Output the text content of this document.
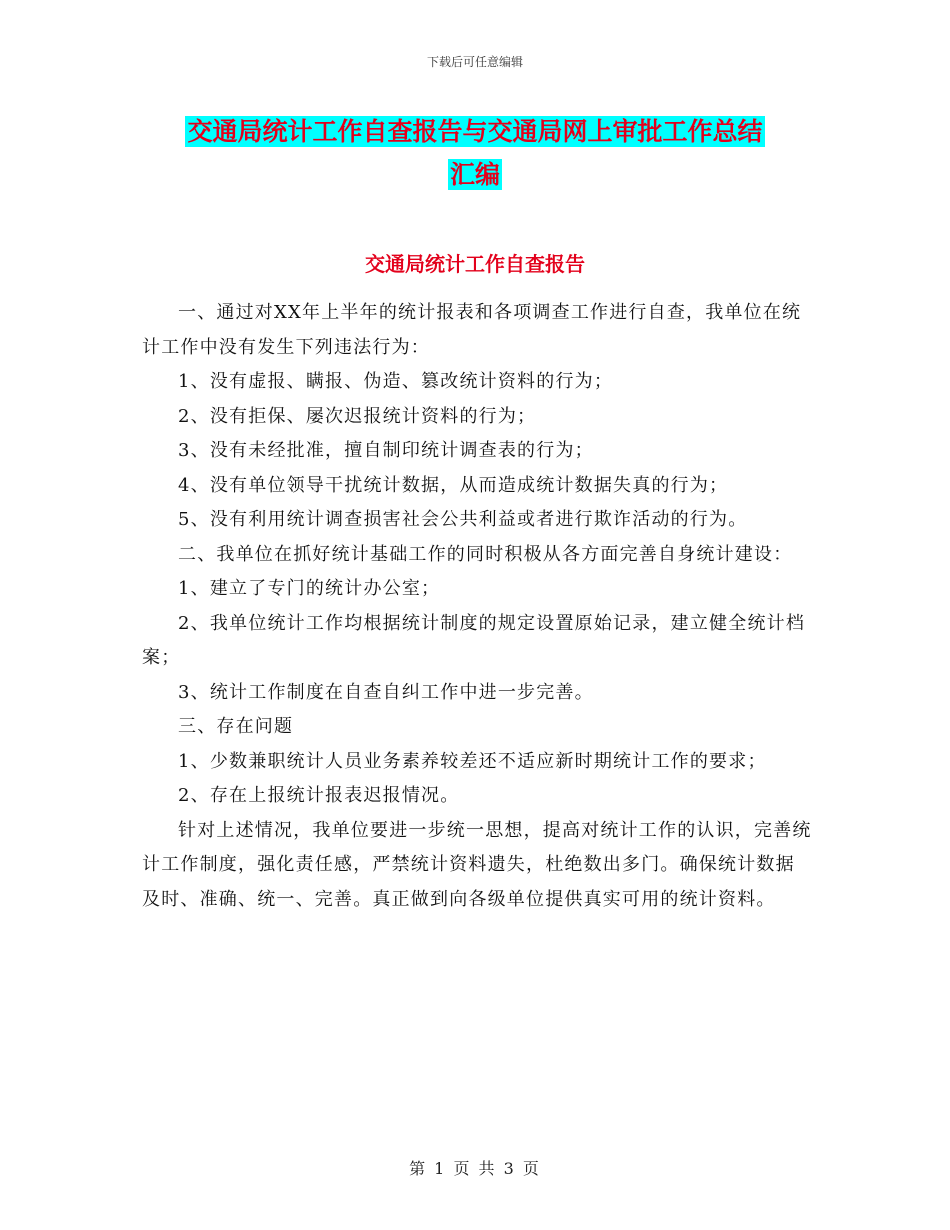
下载后可任意编辑
交通局统计工作自查报告与交通局网上审批工作总结
汇编
交通局统计工作自查报告

一、通过对XX年上半年的统计报表和各项调查工作进行自查，我单位在统计工作中没有发生下列违法行为：

1、没有虚报、瞒报、伪造、篡改统计资料的行为；

2、没有拒保、屡次迟报统计资料的行为；

3、没有未经批准，擅自制印统计调查表的行为；

4、没有单位领导干扰统计数据，从而造成统计数据失真的行为；

5、没有利用统计调查损害社会公共利益或者进行欺诈活动的行为。

二、我单位在抓好统计基础工作的同时积极从各方面完善自身统计建设：

1、建立了专门的统计办公室；

2、我单位统计工作均根据统计制度的规定设置原始记录，建立健全统计档案；

3、统计工作制度在自查自纠工作中进一步完善。

三、存在问题

1、少数兼职统计人员业务素养较差还不适应新时期统计工作的要求；

2、存在上报统计报表迟报情况。

针对上述情况，我单位要进一步统一思想，提高对统计工作的认识，完善统计工作制度，强化责任感，严禁统计资料遗失，杜绝数出多门。确保统计数据及时、准确、统一、完善。真正做到向各级单位提供真实可用的统计资料。

第 1 页 共 3 页
